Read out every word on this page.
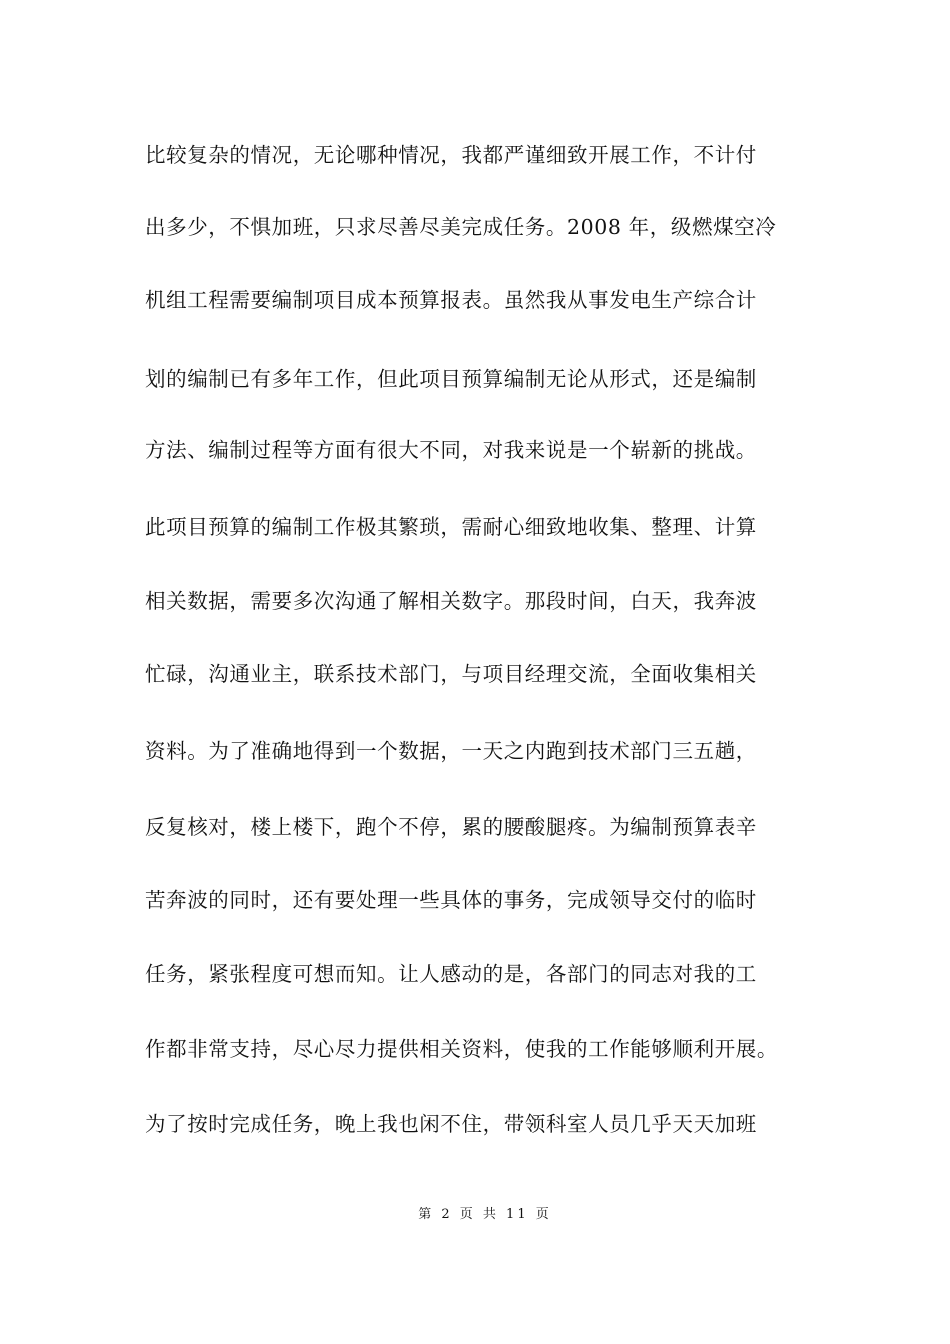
比较复杂的情况，无论哪种情况，我都严谨细致开展工作，不计付
出多少，不惧加班，只求尽善尽美完成任务。2008 年，级燃煤空冷
机组工程需要编制项目成本预算报表。虽然我从事发电生产综合计
划的编制已有多年工作，但此项目预算编制无论从形式，还是编制
方法、编制过程等方面有很大不同，对我来说是一个崭新的挑战。
此项目预算的编制工作极其繁琐，需耐心细致地收集、整理、计算
相关数据，需要多次沟通了解相关数字。那段时间，白天，我奔波
忙碌，沟通业主，联系技术部门，与项目经理交流，全面收集相关
资料。为了准确地得到一个数据，一天之内跑到技术部门三五趟，
反复核对，楼上楼下，跑个不停，累的腰酸腿疼。为编制预算表辛
苦奔波的同时，还有要处理一些具体的事务，完成领导交付的临时
任务，紧张程度可想而知。让人感动的是，各部门的同志对我的工
作都非常支持，尽心尽力提供相关资料，使我的工作能够顺利开展。
为了按时完成任务，晚上我也闲不住，带领科室人员几乎天天加班
第 2 页 共 11 页
